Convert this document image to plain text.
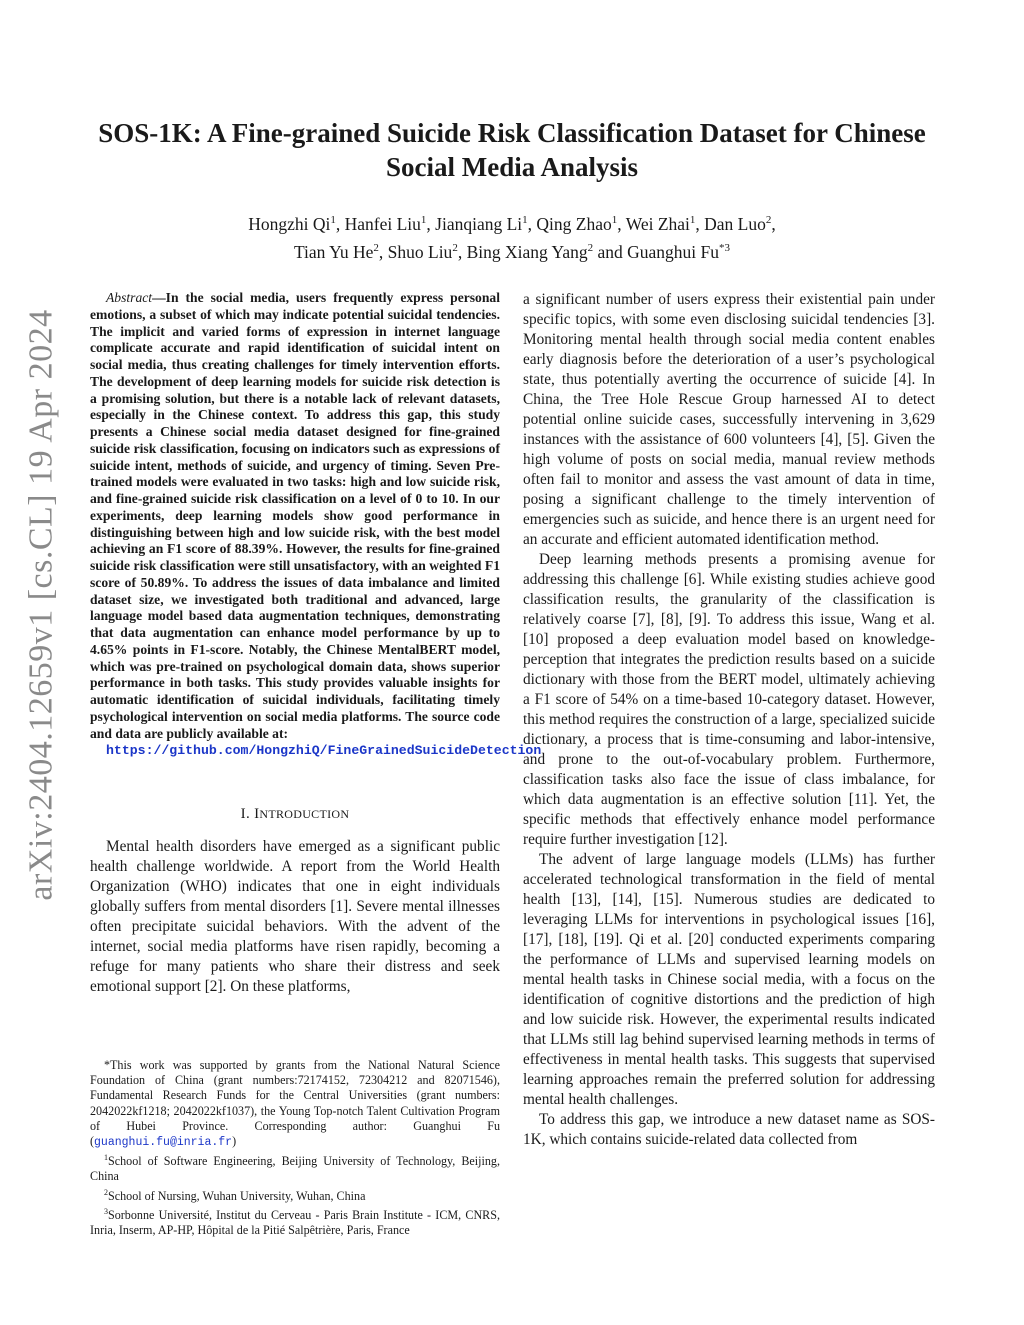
arXiv:2404.12659v1 [cs.CL] 19 Apr 2024
SOS-1K: A Fine-grained Suicide Risk Classification Dataset for Chinese Social Media Analysis
Hongzhi Qi$^1$, Hanfei Liu$^1$, Jianqiang Li$^1$, Qing Zhao$^1$, Wei Zhai$^1$, Dan Luo$^2$,
Tian Yu He$^2$, Shuo Liu$^2$, Bing Xiang Yang$^2$ and Guanghui Fu$^{*3}$

Abstract—In the social media, users frequently express personal emotions, a subset of which may indicate potential suicidal tendencies. The implicit and varied forms of expression in internet language complicate accurate and rapid identification of suicidal intent on social media, thus creating challenges for timely intervention efforts. The development of deep learning models for suicide risk detection is a promising solution, but there is a notable lack of relevant datasets, especially in the Chinese context. To address this gap, this study presents a Chinese social media dataset designed for fine-grained suicide risk classification, focusing on indicators such as expressions of suicide intent, methods of suicide, and urgency of timing. Seven Pre-trained models were evaluated in two tasks: high and low suicide risk, and fine-grained suicide risk classification on a level of 0 to 10. In our experiments, deep learning models show good performance in distinguishing between high and low suicide risk, with the best model achieving an F1 score of 88.39%. However, the results for fine-grained suicide risk classification were still unsatisfactory, with an weighted F1 score of 50.89%. To address the issues of data imbalance and limited dataset size, we investigated both traditional and advanced, large language model based data augmentation techniques, demonstrating that data augmentation can enhance model performance by up to 4.65% points in F1-score. Notably, the Chinese MentalBERT model, which was pre-trained on psychological domain data, shows superior performance in both tasks. This study provides valuable insights for automatic identification of suicidal individuals, facilitating timely psychological intervention on social media platforms. The source code and data are publicly available at:
https://github.com/HongzhiQ/FineGrainedSuicideDetection

I. INTRODUCTION

Mental health disorders have emerged as a significant public health challenge worldwide. A report from the World Health Organization (WHO) indicates that one in eight individuals globally suffers from mental disorders [1]. Severe mental illnesses often precipitate suicidal behaviors. With the advent of the internet, social media platforms have risen rapidly, becoming a refuge for many patients who share their distress and seek emotional support [2]. On these platforms,

a significant number of users express their existential pain under specific topics, with some even disclosing suicidal tendencies [3]. Monitoring mental health through social media content enables early diagnosis before the deterioration of a user’s psychological state, thus potentially averting the occurrence of suicide [4]. In China, the Tree Hole Rescue Group harnessed AI to detect potential online suicide cases, successfully intervening in 3,629 instances with the assistance of 600 volunteers [4], [5]. Given the high volume of posts on social media, manual review methods often fail to monitor and assess the vast amount of data in time, posing a significant challenge to the timely intervention of emergencies such as suicide, and hence there is an urgent need for an accurate and efficient automated identification method.

Deep learning methods presents a promising avenue for addressing this challenge [6]. While existing studies achieve good classification results, the granularity of the classification is relatively coarse [7], [8], [9]. To address this issue, Wang et al. [10] proposed a deep evaluation model based on knowledge-perception that integrates the prediction results based on a suicide dictionary with those from the BERT model, ultimately achieving a F1 score of 54% on a time-based 10-category dataset. However, this method requires the construction of a large, specialized suicide dictionary, a process that is time-consuming and labor-intensive, and prone to the out-of-vocabulary problem. Furthermore, classification tasks also face the issue of class imbalance, for which data augmentation is an effective solution [11]. Yet, the specific methods that effectively enhance model performance require further investigation [12].

The advent of large language models (LLMs) has further accelerated technological transformation in the field of mental health [13], [14], [15]. Numerous studies are dedicated to leveraging LLMs for interventions in psychological issues [16], [17], [18], [19]. Qi et al. [20] conducted experiments comparing the performance of LLMs and supervised learning models on mental health tasks in Chinese social media, with a focus on the identification of cognitive distortions and the prediction of high and low suicide risk. However, the experimental results indicated that LLMs still lag behind supervised learning methods in terms of effectiveness in mental health tasks. This suggests that supervised learning approaches remain the preferred solution for addressing mental health challenges.

To address this gap, we introduce a new dataset name as SOS-1K, which contains suicide-related data collected from

*This work was supported by grants from the National Natural Science Foundation of China (grant numbers:72174152, 72304212 and 82071546), Fundamental Research Funds for the Central Universities (grant numbers: 2042022kf1218; 2042022kf1037), the Young Top-notch Talent Cultivation Program of Hubei Province. Corresponding author: Guanghui Fu (guanghui.fu@inria.fr)

$^1$School of Software Engineering, Beijing University of Technology, Beijing, China

$^2$School of Nursing, Wuhan University, Wuhan, China

$^3$Sorbonne Université, Institut du Cerveau - Paris Brain Institute - ICM, CNRS, Inria, Inserm, AP-HP, Hôpital de la Pitié Salpêtrière, Paris, France
